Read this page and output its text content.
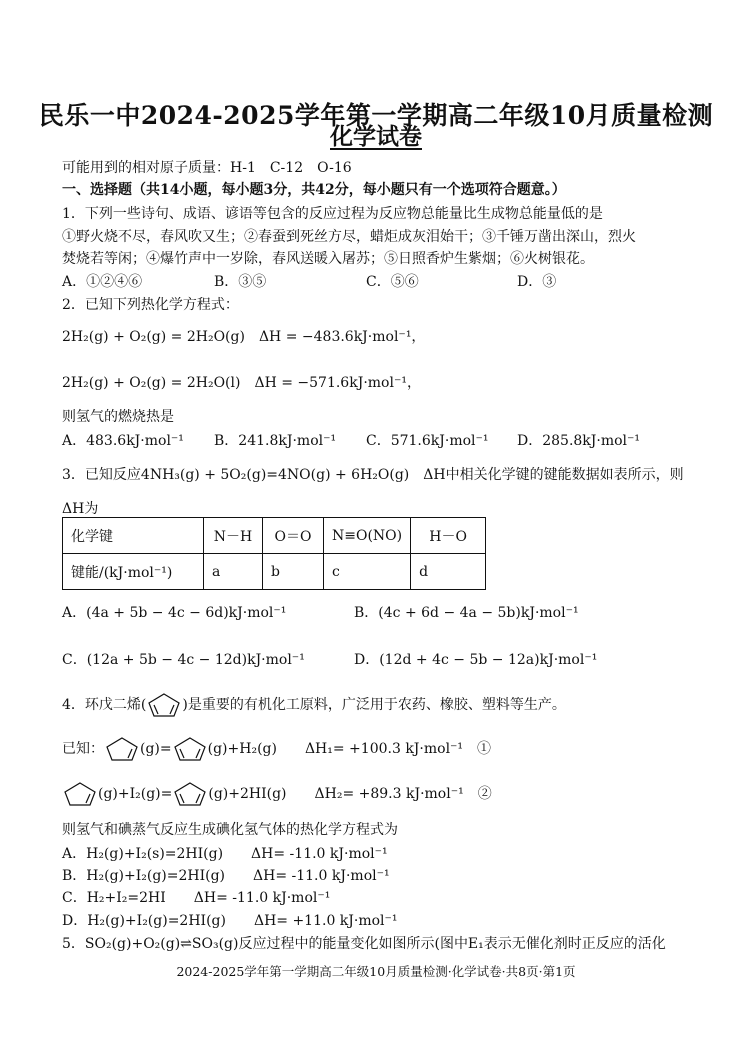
民乐一中2024-2025学年第一学期高二年级10月质量检测
化学试卷
可能用到的相对原子质量：H-1　C-12　O-16
一、选择题（共14小题，每小题3分，共42分，每小题只有一个选项符合题意。）
1．下列一些诗句、成语、谚语等包含的反应过程为反应物总能量比生成物总能量低的是
①野火烧不尽，春风吹又生；②春蚕到死丝方尽，蜡炬成灰泪始干；③千锤万凿出深山，烈火
焚烧若等闲；④爆竹声中一岁除，春风送暖入屠苏；⑤日照香炉生紫烟；⑥火树银花。
A．①②④⑥	B．③⑤	C．⑤⑥	D．③
2．已知下列热化学方程式：
2H₂(g) + O₂(g) = 2H₂O(g)　ΔH = −483.6kJ·mol⁻¹，
2H₂(g) + O₂(g) = 2H₂O(l)　ΔH = −571.6kJ·mol⁻¹，
则氢气的燃烧热是
A．483.6kJ·mol⁻¹ B．241.8kJ·mol⁻¹ C．571.6kJ·mol⁻¹ D．285.8kJ·mol⁻¹
3．已知反应4NH₃(g) + 5O₂(g)=4NO(g) + 6H₂O(g)　ΔH中相关化学键的键能数据如表所示，则
ΔH为
化学键	N－H	O＝O	N≡O(NO)	H－O
键能/(kJ·mol⁻¹)	a	b	c	d
A．(4a + 5b − 4c − 6d)kJ·mol⁻¹	B．(4c + 6d − 4a − 5b)kJ·mol⁻¹
C．(12a + 5b − 4c − 12d)kJ·mol⁻¹	D．(12d + 4c − 5b − 12a)kJ·mol⁻¹
4．环戊二烯(	)是重要的有机化工原料，广泛用于农药、橡胶、塑料等生产。
已知：	(g)=	(g)+H₂(g)　　ΔH₁= +100.3 kJ·mol⁻¹　①
(g)+I₂(g)=	(g)+2HI(g)　　ΔH₂= +89.3 kJ·mol⁻¹　②
则氢气和碘蒸气反应生成碘化氢气体的热化学方程式为
A．H₂(g)+I₂(s)=2HI(g)　　ΔH= -11.0 kJ·mol⁻¹
B．H₂(g)+I₂(g)=2HI(g)　　ΔH= -11.0 kJ·mol⁻¹
C．H₂+I₂=2HI　　ΔH= -11.0 kJ·mol⁻¹
D．H₂(g)+I₂(g)=2HI(g)　　ΔH= +11.0 kJ·mol⁻¹
5．SO₂(g)+O₂(g)⇌SO₃(g)反应过程中的能量变化如图所示(图中E₁表示无催化剂时正反应的活化
2024-2025学年第一学期高二年级10月质量检测·化学试卷·共8页·第1页
